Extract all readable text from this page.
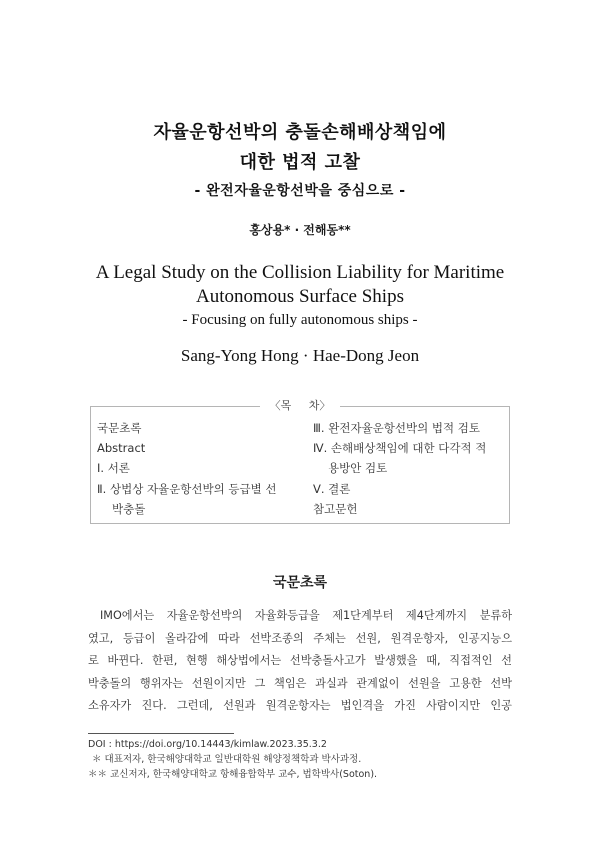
자율운항선박의 충돌손해배상책임에
대한 법적 고찰
- 완전자율운항선박을 중심으로 -
홍상용* · 전해동**
A Legal Study on the Collision Liability for Maritime
Autonomous Surface Ships
- Focusing on fully autonomous ships -
Sang-Yong Hong · Hae-Dong Jeon
〈목 차〉
국문초록
Abstract
Ⅰ. 서론
Ⅱ. 상법상 자율운항선박의 등급별 선
박충돌
Ⅲ. 완전자율운항선박의 법적 검토
Ⅳ. 손해배상책임에 대한 다각적 적
용방안 검토
Ⅴ. 결론
참고문헌
국문초록
IMO에서는 자율운항선박의 자율화등급을 제1단계부터 제4단계까지 분류하
였고, 등급이 올라감에 따라 선박조종의 주체는 선원, 원격운항자, 인공지능으
로 바뀐다. 한편, 현행 해상법에서는 선박충돌사고가 발생했을 때, 직접적인 선
박충돌의 행위자는 선원이지만 그 책임은 과실과 관계없이 선원을 고용한 선박
소유자가 진다. 그런데, 선원과 원격운항자는 법인격을 가진 사람이지만 인공
DOI : https://doi.org/10.14443/kimlaw.2023.35.3.2
＊ 대표저자, 한국해양대학교 일반대학원 해양정책학과 박사과정.
＊＊ 교신저자, 한국해양대학교 항해융합학부 교수, 법학박사(Soton).
